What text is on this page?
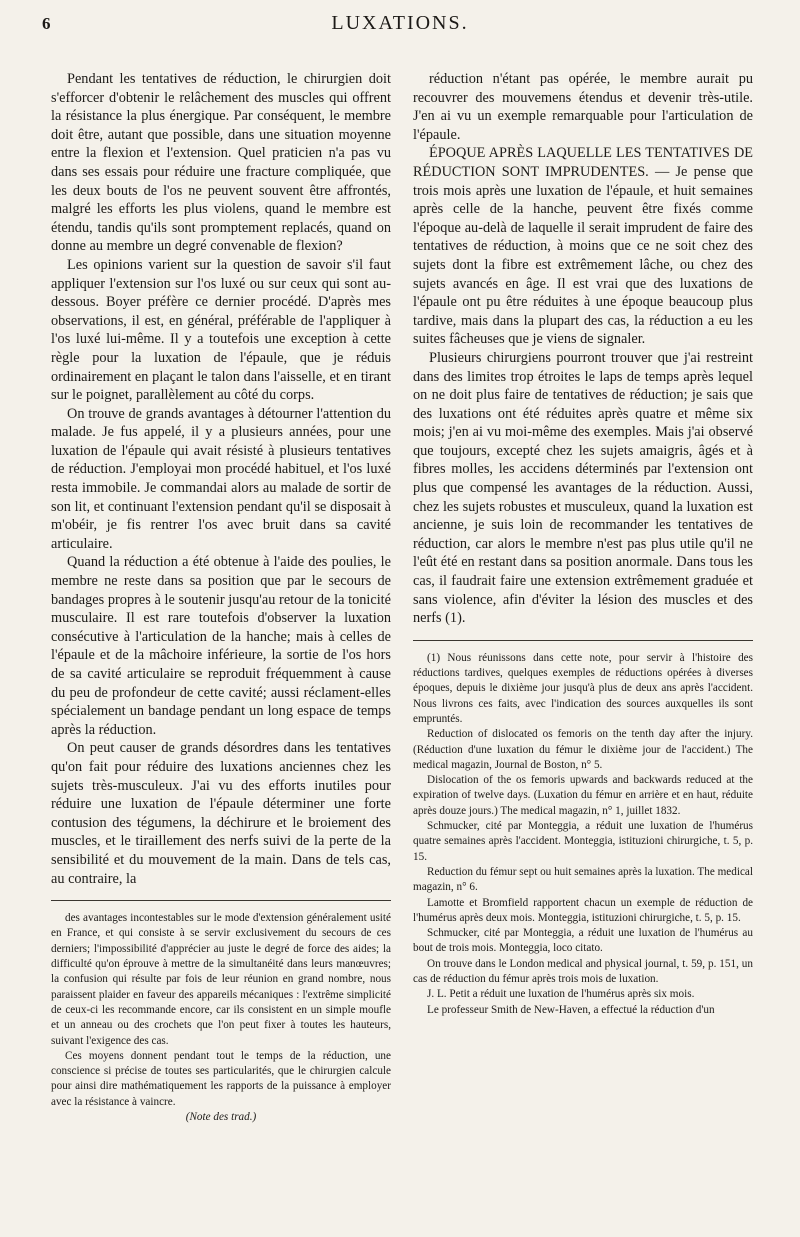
6	LUXATIONS.

Pendant les tentatives de réduction, le chirurgien doit s'efforcer d'obtenir le relâchement des muscles qui offrent la résistance la plus énergique. Par conséquent, le membre doit être, autant que possible, dans une situation moyenne entre la flexion et l'extension. Quel praticien n'a pas vu dans ses essais pour réduire une fracture compliquée, que les deux bouts de l'os ne peuvent souvent être affrontés, malgré les efforts les plus violens, quand le membre est étendu, tandis qu'ils sont promptement replacés, quand on donne au membre un degré convenable de flexion?

Les opinions varient sur la question de savoir s'il faut appliquer l'extension sur l'os luxé ou sur ceux qui sont au-dessous. Boyer préfère ce dernier procédé. D'après mes observations, il est, en général, préférable de l'appliquer à l'os luxé lui-même. Il y a toutefois une exception à cette règle pour la luxation de l'épaule, que je réduis ordinairement en plaçant le talon dans l'aisselle, et en tirant sur le poignet, parallèlement au côté du corps.

On trouve de grands avantages à détourner l'attention du malade. Je fus appelé, il y a plusieurs années, pour une luxation de l'épaule qui avait résisté à plusieurs tentatives de réduction. J'employai mon procédé habituel, et l'os luxé resta immobile. Je commandai alors au malade de sortir de son lit, et continuant l'extension pendant qu'il se disposait à m'obéir, je fis rentrer l'os avec bruit dans sa cavité articulaire.

Quand la réduction a été obtenue à l'aide des poulies, le membre ne reste dans sa position que par le secours de bandages propres à le soutenir jusqu'au retour de la tonicité musculaire. Il est rare toutefois d'observer la luxation consécutive à l'articulation de la hanche; mais à celles de l'épaule et de la mâchoire inférieure, la sortie de l'os hors de sa cavité articulaire se reproduit fréquemment à cause du peu de profondeur de cette cavité; aussi réclament-elles spécialement un bandage pendant un long espace de temps après la réduction.

On peut causer de grands désordres dans les tentatives qu'on fait pour réduire des luxations anciennes chez les sujets très-musculeux. J'ai vu des efforts inutiles pour réduire une luxation de l'épaule déterminer une forte contusion des tégumens, la déchirure et le broiement des muscles, et le tiraillement des nerfs suivi de la perte de la sensibilité et du mouvement de la main. Dans de tels cas, au contraire, la

des avantages incontestables sur le mode d'extension généralement usité en France, et qui consiste à se servir exclusivement du secours de ces derniers; l'impossibilité d'apprécier au juste le degré de force des aides; la difficulté qu'on éprouve à mettre de la simultanéité dans leurs manœuvres; la confusion qui résulte par fois de leur réunion en grand nombre, nous paraissent plaider en faveur des appareils mécaniques : l'extrême simplicité de ceux-ci les recommande encore, car ils consistent en un simple moufle et un anneau ou des crochets que l'on peut fixer à toutes les hauteurs, suivant l'exigence des cas.

Ces moyens donnent pendant tout le temps de la réduction, une conscience si précise de toutes ses particularités, que le chirurgien calcule pour ainsi dire mathématiquement les rapports de la puissance à employer avec la résistance à vaincre.

(Note des trad.)

réduction n'étant pas opérée, le membre aurait pu recouvrer des mouvemens étendus et devenir très-utile. J'en ai vu un exemple remarquable pour l'articulation de l'épaule.

ÉPOQUE APRÈS LAQUELLE LES TENTATIVES DE RÉDUCTION SONT IMPRUDENTES. — Je pense que trois mois après une luxation de l'épaule, et huit semaines après celle de la hanche, peuvent être fixés comme l'époque au-delà de laquelle il serait imprudent de faire des tentatives de réduction, à moins que ce ne soit chez des sujets dont la fibre est extrêmement lâche, ou chez des sujets avancés en âge. Il est vrai que des luxations de l'épaule ont pu être réduites à une époque beaucoup plus tardive, mais dans la plupart des cas, la réduction a eu les suites fâcheuses que je viens de signaler.

Plusieurs chirurgiens pourront trouver que j'ai restreint dans des limites trop étroites le laps de temps après lequel on ne doit plus faire de tentatives de réduction; je sais que des luxations ont été réduites après quatre et même six mois; j'en ai vu moi-même des exemples. Mais j'ai observé que toujours, excepté chez les sujets amaigris, âgés et à fibres molles, les accidens déterminés par l'extension ont plus que compensé les avantages de la réduction. Aussi, chez les sujets robustes et musculeux, quand la luxation est ancienne, je suis loin de recommander les tentatives de réduction, car alors le membre n'est pas plus utile qu'il ne l'eût été en restant dans sa position anormale. Dans tous les cas, il faudrait faire une extension extrêmement graduée et sans violence, afin d'éviter la lésion des muscles et des nerfs (1).

(1) Nous réunissons dans cette note, pour servir à l'histoire des réductions tardives, quelques exemples de réductions opérées à diverses époques, depuis le dixième jour jusqu'à plus de deux ans après l'accident. Nous livrons ces faits, avec l'indication des sources auxquelles ils sont empruntés.

Reduction of dislocated os femoris on the tenth day after the injury. (Réduction d'une luxation du fémur le dixième jour de l'accident.) The medical magazin, Journal de Boston, n° 5.

Dislocation of the os femoris upwards and backwards reduced at the expiration of twelve days. (Luxation du fémur en arrière et en haut, réduite après douze jours.) The medical magazin, n° 1, juillet 1832.

Schmucker, cité par Monteggia, a réduit une luxation de l'humérus quatre semaines après l'accident. Monteggia, istituzioni chirurgiche, t. 5, p. 15.

Reduction du fémur sept ou huit semaines après la luxation. The medical magazin, n° 6.

Lamotte et Bromfield rapportent chacun un exemple de réduction de l'humérus après deux mois. Monteggia, istituzioni chirurgiche, t. 5, p. 15.

Schmucker, cité par Monteggia, a réduit une luxation de l'humérus au bout de trois mois. Monteggia, loco citato.

On trouve dans le London medical and physical journal, t. 59, p. 151, un cas de réduction du fémur après trois mois de luxation.

J. L. Petit a réduit une luxation de l'humérus après six mois.

Le professeur Smith de New-Haven, a effectué la réduction d'un
